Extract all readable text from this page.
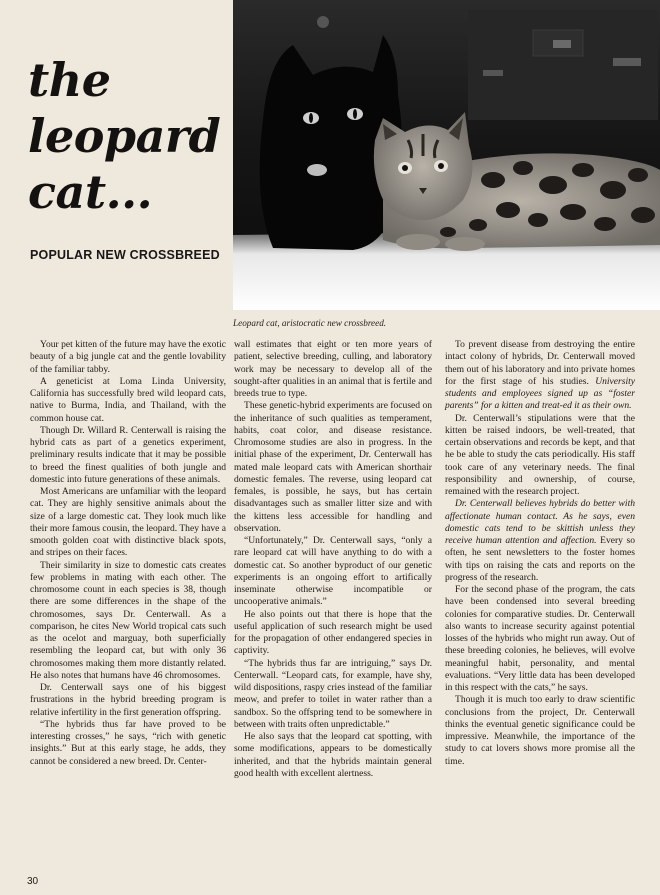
the
leopard
cat...
POPULAR NEW CROSSBREED
Leopard cat, aristocratic new crossbreed.

Your pet kitten of the future may have the exotic beauty of a big jungle cat and the gentle lovability of the familiar tabby.

A geneticist at Loma Linda University, California has successfully bred wild leopard cats, native to Burma, India, and Thailand, with the common house cat.

Though Dr. Willard R. Centerwall is raising the hybrid cats as part of a genetics experiment, preliminary results indicate that it may be possible to breed the finest qualities of both jungle and domestic into future generations of these animals.

Most Americans are unfamiliar with the leopard cat. They are highly sensitive animals about the size of a large domestic cat. They look much like their more famous cousin, the leopard. They have a smooth golden coat with distinctive black spots, and stripes on their faces.

Their similarity in size to domestic cats creates few problems in mating with each other. The chromosome count in each species is 38, though there are some differences in the shape of the chromosomes, says Dr. Centerwall. As a comparison, he cites New World tropical cats such as the ocelot and marguay, both superficially resembling the leopard cat, but with only 36 chromosomes making them more distantly related. He also notes that humans have 46 chromosomes.

Dr. Centerwall says one of his biggest frustrations in the hybrid breeding program is relative infertility in the first generation offspring.

“The hybrids thus far have proved to be interesting crosses,” he says, “rich with genetic insights.” But at this early stage, he adds, they cannot be considered a new breed. Dr. Center-

wall estimates that eight or ten more years of patient, selective breeding, culling, and laboratory work may be necessary to develop all of the sought-after qualities in an animal that is fertile and breeds true to type.

These genetic-hybrid experiments are focused on the inheritance of such qualities as temperament, habits, coat color, and disease resistance. Chromosome studies are also in progress. In the initial phase of the experiment, Dr. Centerwall has mated male leopard cats with American shorthair domestic females. The reverse, using leopard cat females, is possible, he says, but has certain disadvantages such as smaller litter size and with the kittens less accessible for handling and observation.

“Unfortunately,” Dr. Centerwall says, “only a rare leopard cat will have anything to do with a domestic cat. So another byproduct of our genetic experiments is an ongoing effort to artifically inseminate otherwise incompatible or uncooperative animals.”

He also points out that there is hope that the useful application of such research might be used for the propagation of other endangered species in captivity.

“The hybrids thus far are intriguing,” says Dr. Centerwall. “Leopard cats, for example, have shy, wild dispositions, raspy cries instead of the familiar meow, and prefer to toilet in water rather than a sandbox. So the offspring tend to be somewhere in between with traits often unpredictable.”

He also says that the leopard cat spotting, with some modifications, appears to be domestically inherited, and that the hybrids maintain general good health with excellent alertness.

To prevent disease from destroying the entire intact colony of hybrids, Dr. Centerwall moved them out of his laboratory and into private homes for the first stage of his studies. University students and employees signed up as “foster parents” for a kitten and treat-ed it as their own.

Dr. Centerwall’s stipulations were that the kitten be raised indoors, be well-treated, that certain observations and records be kept, and that he be able to study the cats periodically. His staff took care of any veterinary needs. The final responsibility and ownership, of course, remained with the research project.

Dr. Centerwall believes hybrids do better with affectionate human contact. As he says, even domestic cats tend to be skittish unless they receive human attention and affection. Every so often, he sent newsletters to the foster homes with tips on raising the cats and reports on the progress of the research.

For the second phase of the program, the cats have been condensed into several breeding colonies for comparative studies. Dr. Centerwall also wants to increase security against potential losses of the hybrids who might run away. Out of these breeding colonies, he believes, will evolve meaningful habit, personality, and mental evaluations. “Very little data has been developed in this respect with the cats,” he says.

Though it is much too early to draw scientific conclusions from the project, Dr. Centerwall thinks the eventual genetic significance could be impressive. Meanwhile, the importance of the study to cat lovers shows more promise all the time.

30
